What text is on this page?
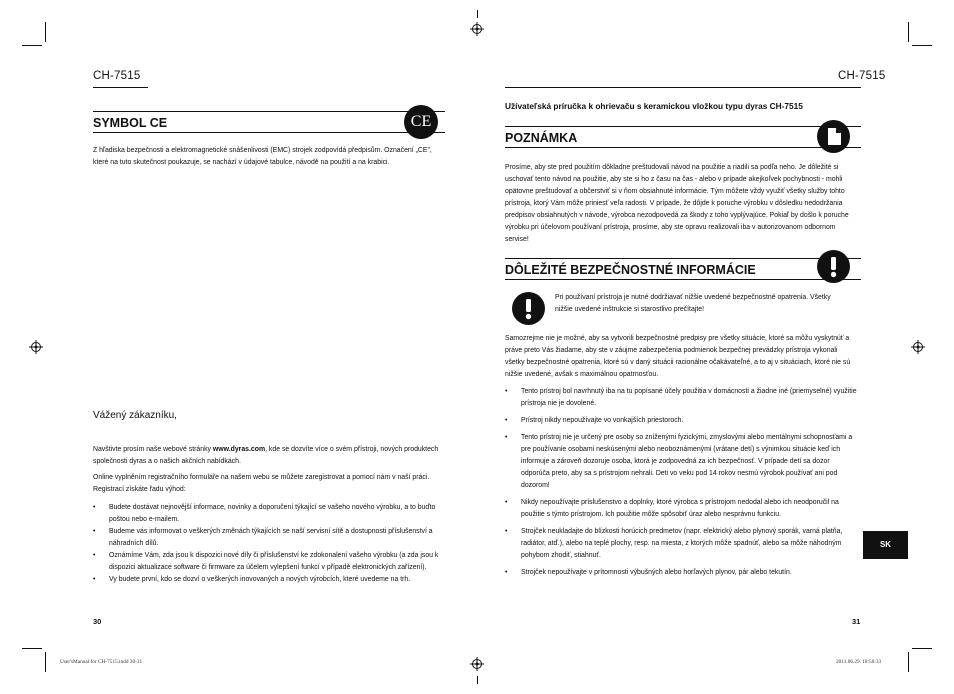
CH-7515
SYMBOL CE	CE

Z hľadiska bezpečnosti a elektromagnetické snášenlivosti (EMC) strojek zodpovídá předpisům. Označení „CE", které na tuto skutečnost poukazuje, se nachází v údajové tabulce, návodě na použití a na krabici.

Vážený zákazníku,

Navštivte prosím naše webové stránky www.dyras.com, kde se dozvíte více o svém přístroji, nových produktech společnosti dyras a o našich akčních nabídkách.

Online vyplněním registračního formuláře na našem webu se můžete zaregistrovat a pomocí nám v naší práci. Registrací získáte řadu výhod:

• Budete dostávat nejnovější informace, novinky a doporučení týkající se vašeho nového výrobku, a to buďto poštou nebo e-mailem.
• Budeme vás informovat o veškerých změnách týkajících se naší servisní sítě a dostupnosti příslušenství a náhradních dílů.
• Oznámíme Vám, zda jsou k dispozici nové díly či příslušenství ke zdokonalení vašeho výrobku (a zda jsou k dispozici aktualizace software či firmware za účelem vylepšení funkcí v případě elektronických zařízení).
• Vy budete první, kdo se dozví o veškerých inovovaných a nových výrobcích, které uvedeme na trh.
30
CH-7515
Užívateľská príručka k ohrievaču s keramickou vložkou typu dyras CH-7515
POZNÁMKA

Prosíme, aby ste pred použitím dôkladne preštudovali návod na použitie a riadili sa podľa neho. Je dôležité si uschovať tento návod na použitie, aby ste si ho z času na čas - alebo v prípade akejkoľvek pochybnosti - mohli opätovne preštudovať a občerstviť si v ňom obsiahnuté informácie. Tým môžete vždy využiť všetky služby tohto prístroja, ktorý Vám môže priniesť veľa radosti. V prípade, že dôjde k poruche výrobku v dôsledku nedodržania predpisov obsiahnutých v návode, výrobca nezodpovedá za škody z toho vyplývajúce. Pokiaľ by došlo k poruche výrobku pri účelovom používaní prístroja, prosíme, aby ste opravu realizovali iba v autorizovanom odbornom servise!

DÔLEŽITÉ BEZPEČNOSTNÉ INFORMÁCIE

Pri používaní prístroja je nutné dodržiavať nižšie uvedené bezpečnostné opatrenia. Všetky nižšie uvedené inštrukcie si starostlivo prečítajte!

Samozrejme nie je možné, aby sa vytvorili bezpečnostné predpisy pre všetky situácie, ktoré sa môžu vyskytnúť a práve preto Vás žiadame, aby ste v záujme zabezpečenia podmienok bezpečnej prevádzky prístroja vykonali všetky bezpečnostné opatrenia, ktoré sú v daný situácii racionálne očakávateľné, a to aj v situáciach, ktoré nie sú nižšie uvedené, avšak s maximálnou opatrnosťou.

• Tento prístroj bol navrhnutý iba na tu popísané účely použitia v domácnosti a žiadne iné (priemyselné) využitie prístroja nie je dovolené.
• Prístroj nikdy nepoužívajte vo vonkajších priestoroch.
• Tento prístroj nie je určený pre osoby so zníženými fyzickými, zmyslovými alebo mentálnymi schopnosťami a pre používanie osobami neskúsenými alebo neoboznámenými (vrátane detí) s výnimkou situácie keď ich informuje a zároveň dozoruje osoba, ktorá je zodpovedná za ich bezpečnosť. V prípade detí sa dozor odporúča preto, aby sa s prístrojom nehrali. Deti vo veku pod 14 rokov nesmú výrobok používať ani pod dozorom!
• Nikdy nepoužívajte príslušenstvo a doplnky, ktoré výrobca s prístrojom nedodal alebo ich neodporučil na použitie s týmto prístrojom. Ich použitie môže spôsobiť úraz alebo nesprávnu funkciu.
• Strojček neukladajte do blízkosti horúcich predmetov (napr. elektrický alebo plynový sporák, varná platňa, radiátor, atď.), alebo na teplé plochy, resp. na miesta, z ktorých môže spadnúť, alebo sa môže náhodným pohybom zhodiť, stiahnuť.
• Strojček nepoužívajte v prítomnosti výbušných alebo horľavých plynov, pár alebo tekutín.
SK
31
User'sManual for CH-7515.indd 30-31	2011.06.29. 18:50:33
